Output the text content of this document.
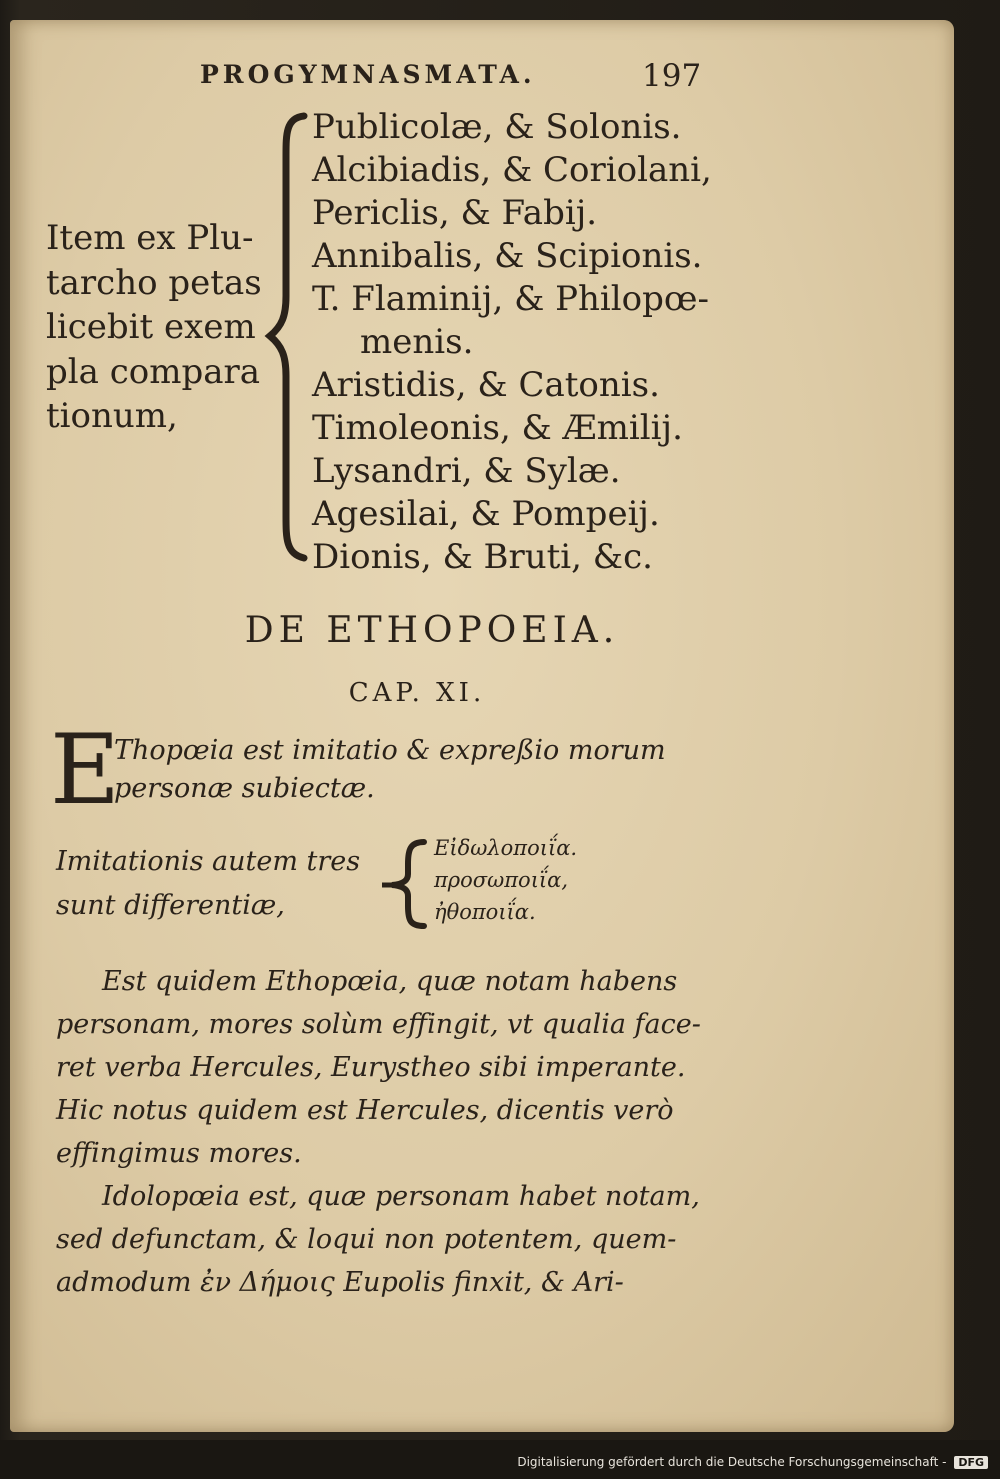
PROGYMNASMATA.	197
Item ex Plu-
tarcho petas
licebit exem
pla compara
tionum,
Publicolæ, & Solonis.
Alcibiadis, & Coriolani,
Periclis, & Fabij.
Annibalis, & Scipionis.
T. Flaminij, & Philopœ-
menis.
Aristidis, & Catonis.
Timoleonis, & Æmilij.
Lysandri, & Sylæ.
Agesilai, & Pompeij.
Dionis, & Bruti, &c.
DE ETHOPOEIA.
CAP. XI.
E
Thopœia est imitatio & expreßio morum
personæ subiectæ.
Imitationis autem tres
sunt differentiæ,
Εἰδωλοποιΐα.
προσωποιΐα,
ἠθοποιΐα.
Est quidem Ethopœia, quæ notam habens
personam, mores solùm effingit, vt qualia face-
ret verba Hercules, Eurystheo sibi imperante.
Hic notus quidem est Hercules, dicentis verò
effingimus mores.
Idolopœia est, quæ personam habet notam,
sed defunctam, & loqui non potentem, quem-
admodum ἐν Δήμοις Eupolis finxit, & Ari-
Digitalisierung gefördert durch die Deutsche Forschungsgemeinschaft - DFG
